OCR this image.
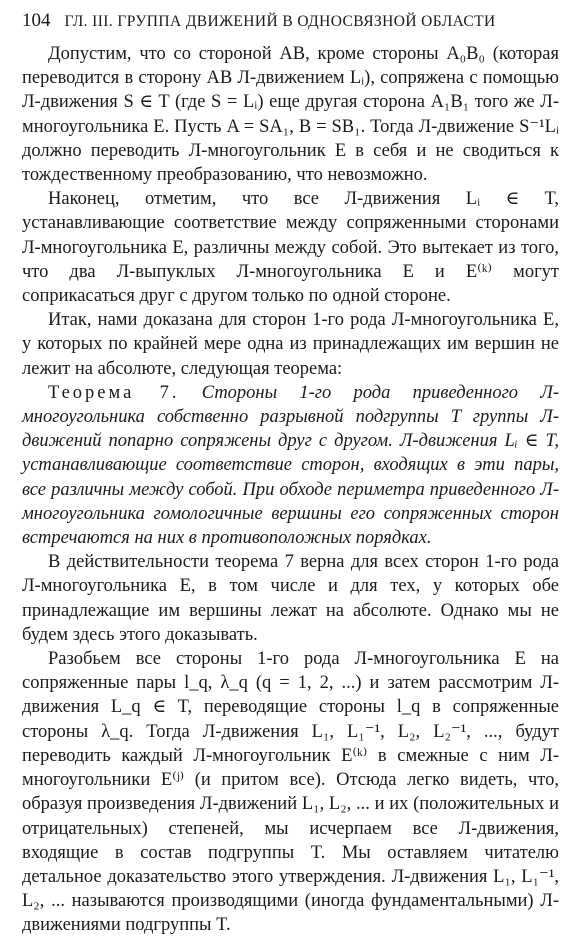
104 ГЛ. III. ГРУППА ДВИЖЕНИЙ В ОДНОСВЯЗНОЙ ОБЛАСТИ

Допустим, что со стороной AB, кроме стороны A₀B₀ (которая переводится в сторону AB Л-движением Lᵢ), сопряжена с помощью Л-движения S ∈ T (где S = Lᵢ) еще другая сторона A₁B₁ того же Л-многоугольника E. Пусть A = SA₁, B = SB₁. Тогда Л-движение S⁻¹Lᵢ должно переводить Л-многоугольник E в себя и не сводиться к тождественному преобразованию, что невозможно.

Наконец, отметим, что все Л-движения Lᵢ ∈ T, устанавливающие соответствие между сопряженными сторонами Л-многоугольника E, различны между собой. Это вытекает из того, что два Л-выпуклых Л-многоугольника E и E⁽ᵏ⁾ могут соприкасаться друг с другом только по одной стороне.

Итак, нами доказана для сторон 1-го рода Л-многоугольника E, у которых по крайней мере одна из принадлежащих им вершин не лежит на абсолюте, следующая теорема:

Теорема 7. Стороны 1-го рода приведенного Л-многоугольника собственно разрывной подгруппы T группы Л-движений попарно сопряжены друг с другом. Л-движения Lᵢ ∈ T, устанавливающие соответствие сторон, входящих в эти пары, все различны между собой. При обходе периметра приведенного Л-многоугольника гомологичные вершины его сопряженных сторон встречаются на них в противоположных порядках.

В действительности теорема 7 верна для всех сторон 1-го рода Л-многоугольника E, в том числе и для тех, у которых обе принадлежащие им вершины лежат на абсолюте. Однако мы не будем здесь этого доказывать.

Разобьем все стороны 1-го рода Л-многоугольника E на сопряженные пары l_q, λ_q (q = 1, 2, ...) и затем рассмотрим Л-движения L_q ∈ T, переводящие стороны l_q в сопряженные стороны λ_q. Тогда Л-движения L₁, L₁⁻¹, L₂, L₂⁻¹, ..., будут переводить каждый Л-многоугольник E⁽ᵏ⁾ в смежные с ним Л-многоугольники E⁽ʲ⁾ (и притом все). Отсюда легко видеть, что, образуя произведения Л-движений L₁, L₂, ... и их (положительных и отрицательных) степеней, мы исчерпаем все Л-движения, входящие в состав подгруппы T. Мы оставляем читателю детальное доказательство этого утверждения. Л-движения L₁, L₁⁻¹, L₂, ... называются производящими (иногда фундаментальными) Л-движениями подгруппы T.
